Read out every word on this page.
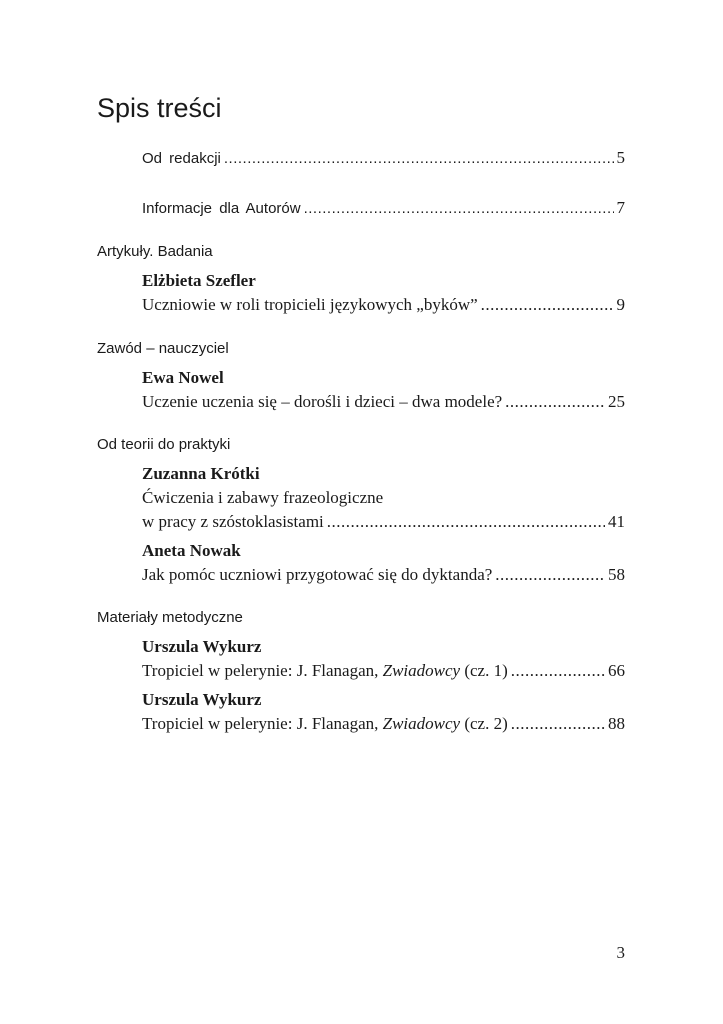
Spis treści
Od redakcji .....	5
Informacje dla Autorów .....	7
Artykuły. Badania
Elżbieta Szefler
Uczniowie w roli tropicieli językowych „byków” .....	9
Zawód – nauczyciel
Ewa Nowel
Uczenie uczenia się – dorośli i dzieci – dwa modele? .....	25
Od teorii do praktyki
Zuzanna Krótki
Ćwiczenia i zabawy frazeologiczne
w pracy z szóstoklasistami .....	41
Aneta Nowak
Jak pomóc uczniowi przygotować się do dyktanda? .....	58
Materiały metodyczne
Urszula Wykurz
Tropiciel w pelerynie: J. Flanagan, Zwiadowcy (cz. 1) .....	66
Urszula Wykurz
Tropiciel w pelerynie: J. Flanagan, Zwiadowcy (cz. 2) .....	88
3
